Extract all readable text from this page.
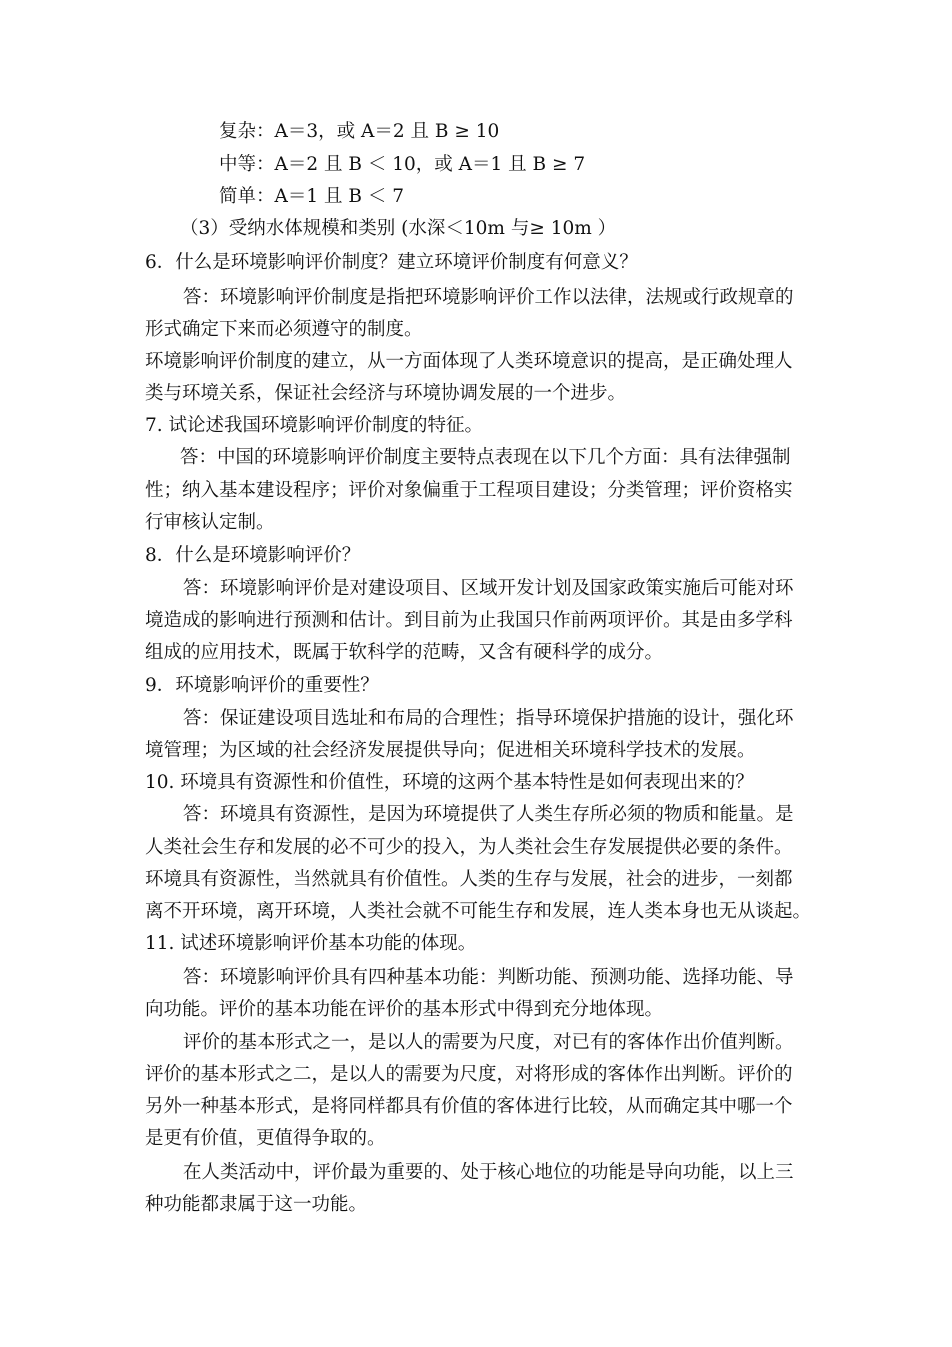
复杂：A＝3，或 A＝2 且 B ≥ 10
中等：A＝2 且 B ＜ 10，或 A＝1 且 B ≥ 7
简单：A＝1 且 B ＜ 7
（3）受纳水体规模和类别 (水深＜10m 与≥ 10m ）
6．什么是环境影响评价制度？建立环境评价制度有何意义？
答：环境影响评价制度是指把环境影响评价工作以法律，法规或行政规章的
形式确定下来而必须遵守的制度。
环境影响评价制度的建立，从一方面体现了人类环境意识的提高，是正确处理人
类与环境关系，保证社会经济与环境协调发展的一个进步。
7. 试论述我国环境影响评价制度的特征。
答：中国的环境影响评价制度主要特点表现在以下几个方面：具有法律强制
性；纳入基本建设程序；评价对象偏重于工程项目建设；分类管理；评价资格实
行审核认定制。
8．什么是环境影响评价？
答：环境影响评价是对建设项目、区域开发计划及国家政策实施后可能对环
境造成的影响进行预测和估计。到目前为止我国只作前两项评价。其是由多学科
组成的应用技术，既属于软科学的范畴，又含有硬科学的成分。
9．环境影响评价的重要性？
答：保证建设项目选址和布局的合理性；指导环境保护措施的设计，强化环
境管理；为区域的社会经济发展提供导向；促进相关环境科学技术的发展。
10. 环境具有资源性和价值性，环境的这两个基本特性是如何表现出来的？
答：环境具有资源性，是因为环境提供了人类生存所必须的物质和能量。是
人类社会生存和发展的必不可少的投入，为人类社会生存发展提供必要的条件。
环境具有资源性，当然就具有价值性。人类的生存与发展，社会的进步，一刻都
离不开环境，离开环境，人类社会就不可能生存和发展，连人类本身也无从谈起。
11. 试述环境影响评价基本功能的体现。
答：环境影响评价具有四种基本功能：判断功能、预测功能、选择功能、导
向功能。评价的基本功能在评价的基本形式中得到充分地体现。
评价的基本形式之一，是以人的需要为尺度，对已有的客体作出价值判断。
评价的基本形式之二，是以人的需要为尺度，对将形成的客体作出判断。评价的
另外一种基本形式，是将同样都具有价值的客体进行比较，从而确定其中哪一个
是更有价值，更值得争取的。
在人类活动中，评价最为重要的、处于核心地位的功能是导向功能，以上三
种功能都隶属于这一功能。
